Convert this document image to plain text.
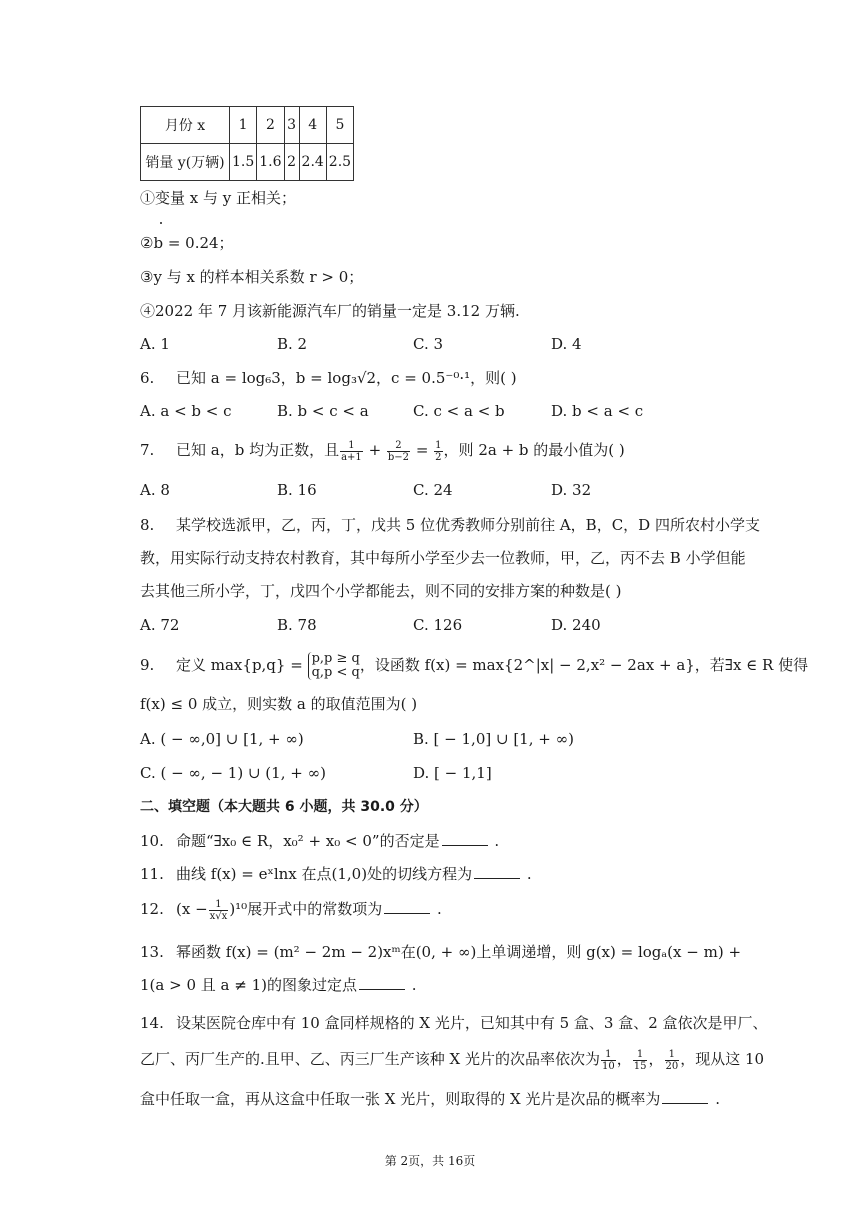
月份 x	1	2	3	4	5
销量 y(万辆)	1.5	1.6	2	2.4	2.5
①变量 x 与 y 正相关；
②b = 0.24；
③y 与 x 的样本相关系数 r > 0；
④2022 年 7 月该新能源汽车厂的销量一定是 3.12 万辆.
A. 1	B. 2	C. 3	D. 4
6. 已知 a = log₆3，b = log₃√2，c = 0.5⁻⁰·¹，则( )
A. a < b < c	B. b < c < a	C. c < a < b	D. b < a < c
7. 已知 a，b 均为正数，且 $\frac{1}{a+1} + \frac{2}{b-2} = \frac{1}{2}$ ，则 2a + b 的最小值为( )
A. 8	B. 16	C. 24	D. 32
8. 某学校选派甲，乙，丙，丁，戊共 5 位优秀教师分别前往 A，B，C，D 四所农村小学支
教，用实际行动支持农村教育，其中每所小学至少去一位教师，甲，乙，丙不去 B 小学但能
去其他三所小学，丁，戊四个小学都能去，则不同的安排方案的种数是( )
A. 72	B. 78	C. 126	D. 240
9. 定义 max{p,q} = p,p ≥ q
q,p < q ，设函数 f(x) = max{2^|x| − 2,x² − 2ax + a}，若∃x ∈ R 使得
f(x) ≤ 0 成立，则实数 a 的取值范围为( )
A. ( − ∞,0] ∪ [1, + ∞)	B. [ − 1,0] ∪ [1, + ∞)
C. ( − ∞, − 1) ∪ (1, + ∞)	D. [ − 1,1]
二、填空题（本大题共 6 小题，共 30.0 分）
10. 命题“∃x₀ ∈ R，x₀² + x₀ < 0”的否定是	.
11. 曲线 f(x) = eˣlnx 在点(1,0)处的切线方程为	.
12. $(x - \frac{1}{x√x} )^{10}$展开式中的常数项为	.
13. 幂函数 f(x) = (m² − 2m − 2)xᵐ在(0, + ∞)上单调递增，则 g(x) = logₐ(x − m) +
1(a > 0 且 a ≠ 1)的图象过定点	.
14. 设某医院仓库中有 10 盒同样规格的 X 光片，已知其中有 5 盒、3 盒、2 盒依次是甲厂、
乙厂、丙厂生产的.且甲、乙、丙三厂生产该种 X 光片的次品率依次为 $\frac{1}{10}$ ， $\frac{1}{15}$ ， $\frac{1}{20}$ ，现从这 10
盒中任取一盒，再从这盒中任取一张 X 光片，则取得的 X 光片是次品的概率为	.
第 2页，共 16页
